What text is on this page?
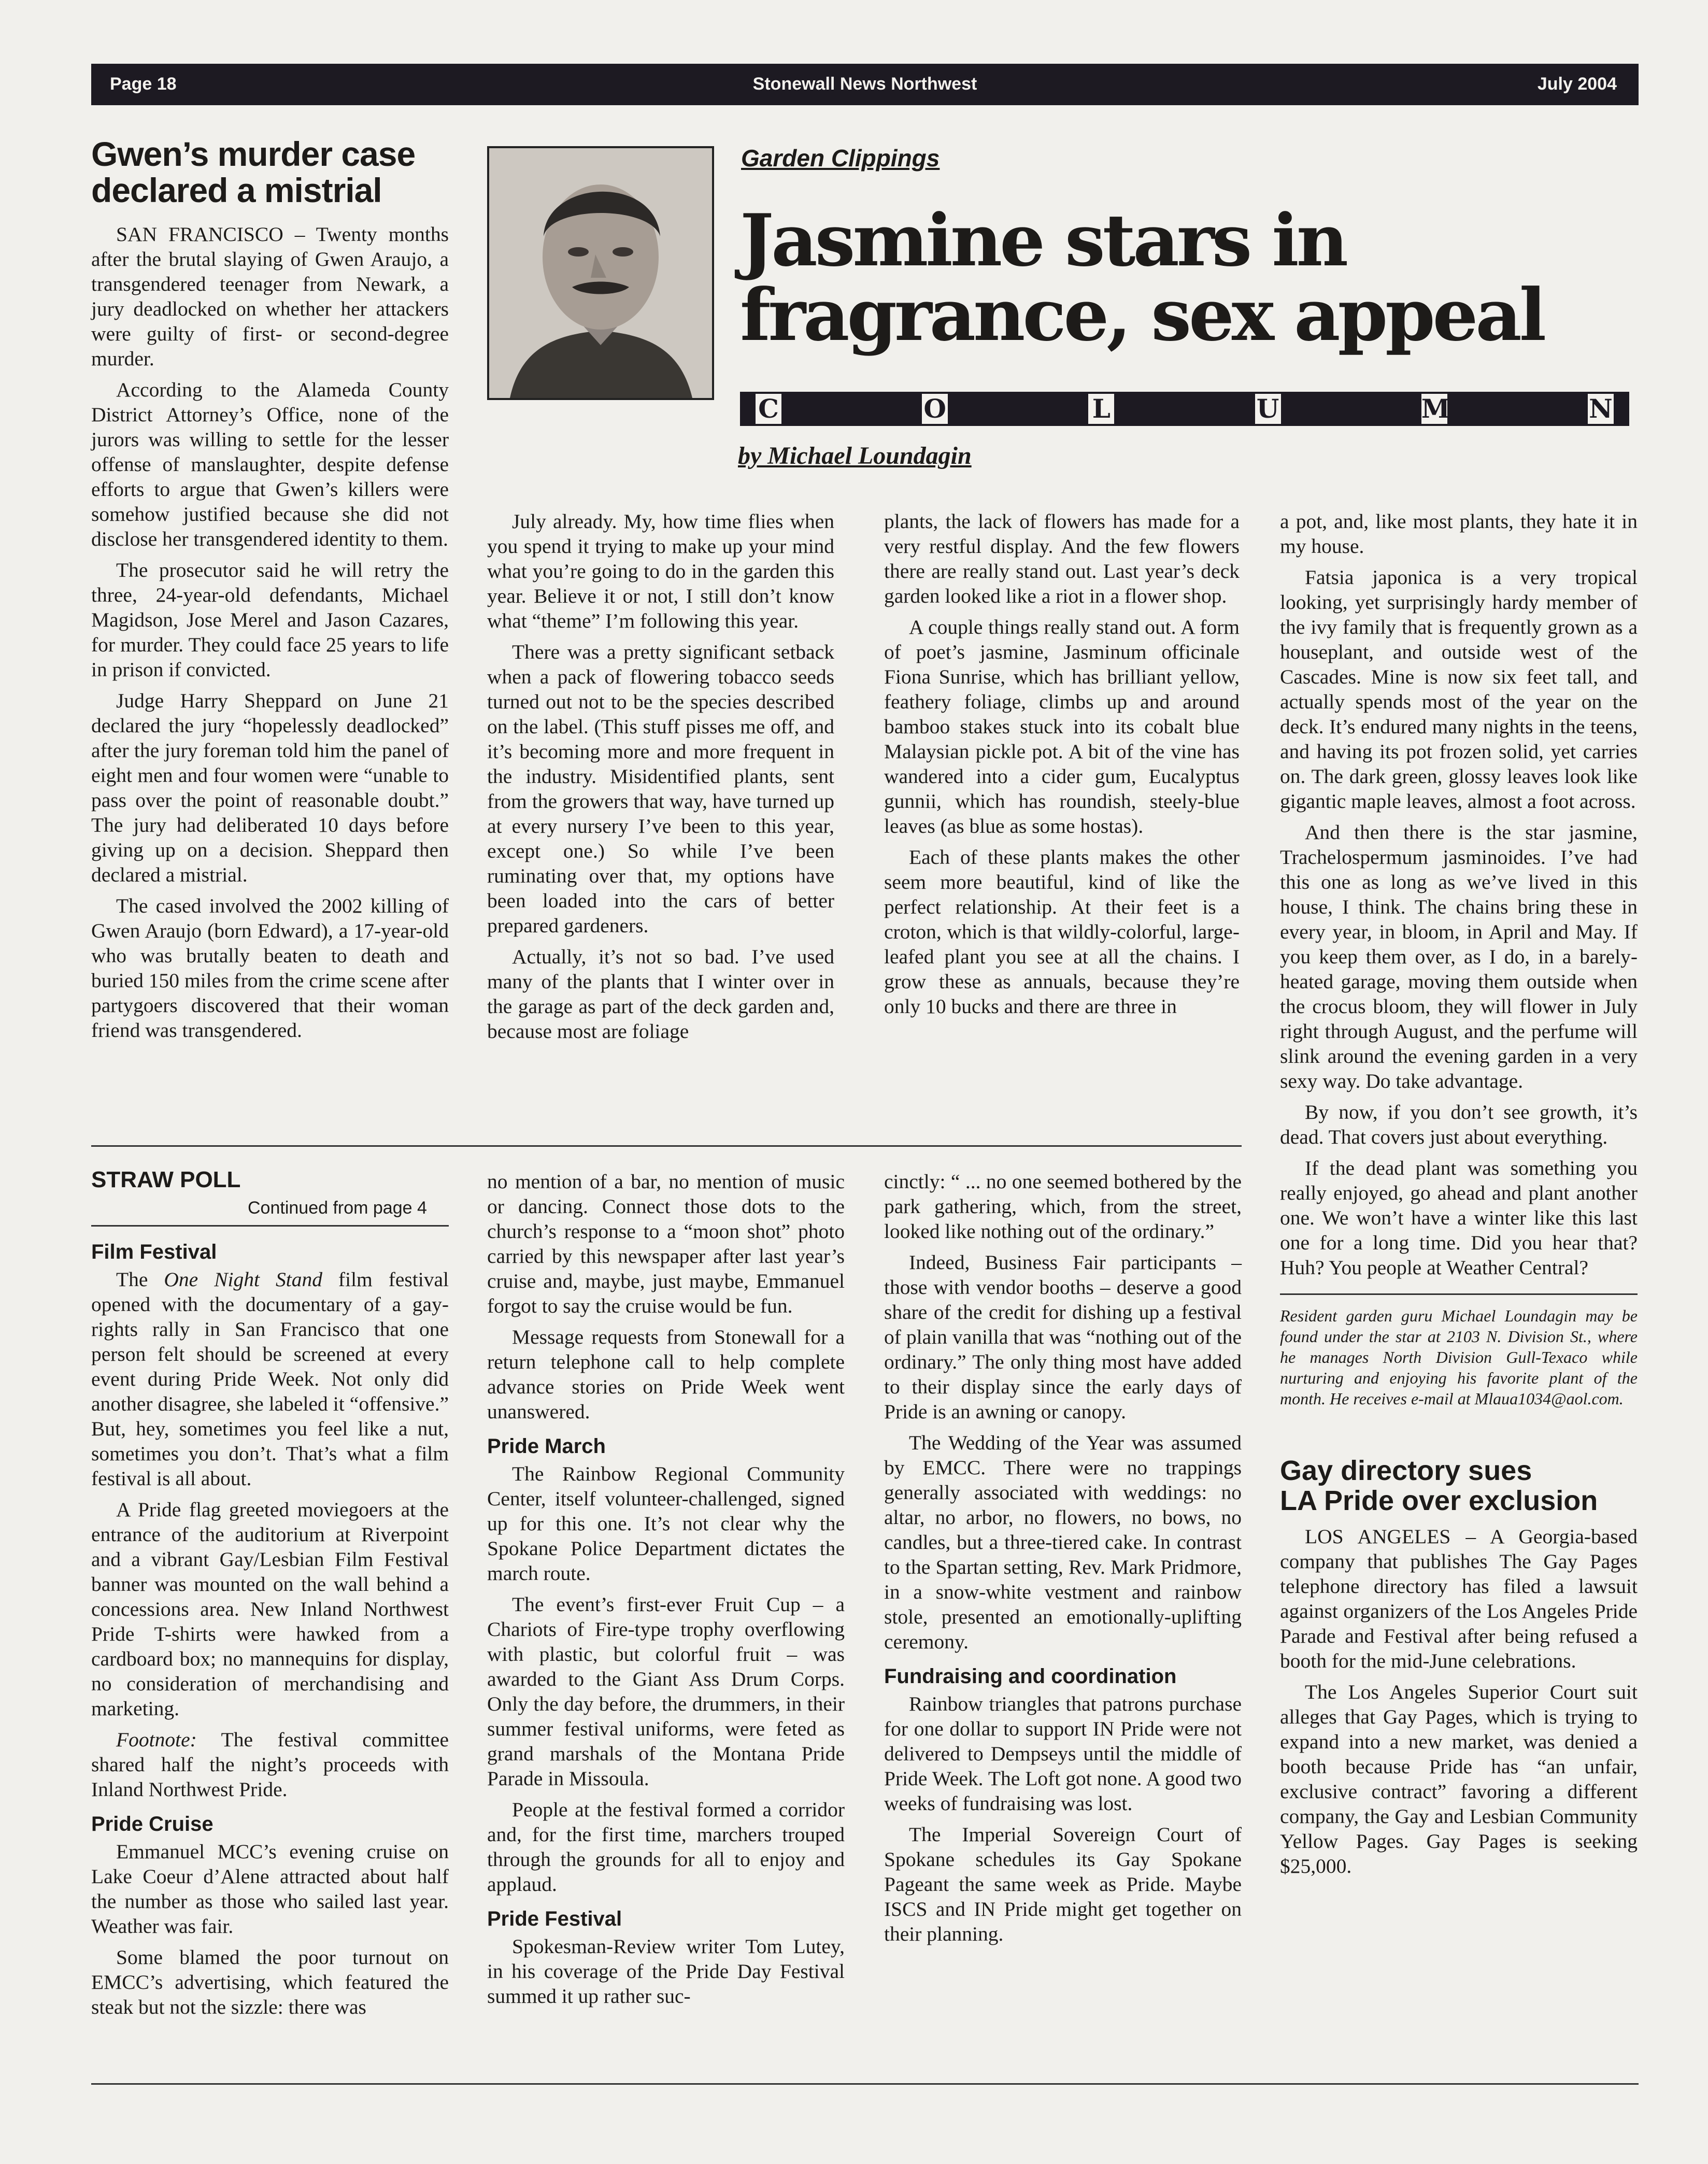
Page 18	Stonewall News Northwest	July 2004
Gwen’s murder case
declared a mistrial

SAN FRANCISCO – Twenty months after the brutal slaying of Gwen Araujo, a transgendered teenager from Newark, a jury deadlocked on whether her attackers were guilty of first- or second-degree murder.

According to the Alameda County District Attorney’s Office, none of the jurors was willing to settle for the lesser offense of manslaughter, despite defense efforts to argue that Gwen’s killers were somehow justified because she did not disclose her transgendered identity to them.

The prosecutor said he will retry the three, 24-year-old defendants, Michael Magidson, Jose Merel and Jason Cazares, for murder. They could face 25 years to life in prison if convicted.

Judge Harry Sheppard on June 21 declared the jury “hopelessly deadlocked” after the jury foreman told him the panel of eight men and four women were “unable to pass over the point of reasonable doubt.” The jury had deliberated 10 days before giving up on a decision. Sheppard then declared a mistrial.

The cased involved the 2002 killing of Gwen Araujo (born Edward), a 17-year-old who was brutally beaten to death and buried 150 miles from the crime scene after partygoers discovered that their woman friend was transgendered.

Garden Clippings
Jasmine stars in
fragrance, sex appeal
C	O	L	U	M	N
by Michael Loundagin

July already. My, how time flies when you spend it trying to make up your mind what you’re going to do in the garden this year. Believe it or not, I still don’t know what “theme” I’m following this year.

There was a pretty significant setback when a pack of flowering tobacco seeds turned out not to be the species described on the label. (This stuff pisses me off, and it’s becoming more and more frequent in the industry. Misidentified plants, sent from the growers that way, have turned up at every nursery I’ve been to this year, except one.) So while I’ve been ruminating over that, my options have been loaded into the cars of better prepared gardeners.

Actually, it’s not so bad. I’ve used many of the plants that I winter over in the garage as part of the deck garden and, because most are foliage

plants, the lack of flowers has made for a very restful display. And the few flowers there are really stand out. Last year’s deck garden looked like a riot in a flower shop.

A couple things really stand out. A form of poet’s jasmine, Jasminum officinale Fiona Sunrise, which has brilliant yellow, feathery foliage, climbs up and around bamboo stakes stuck into its cobalt blue Malaysian pickle pot. A bit of the vine has wandered into a cider gum, Eucalyptus gunnii, which has roundish, steely-blue leaves (as blue as some hostas).

Each of these plants makes the other seem more beautiful, kind of like the perfect relationship. At their feet is a croton, which is that wildly-colorful, large-leafed plant you see at all the chains. I grow these as annuals, because they’re only 10 bucks and there are three in

a pot, and, like most plants, they hate it in my house.

Fatsia japonica is a very tropical looking, yet surprisingly hardy member of the ivy family that is frequently grown as a houseplant, and outside west of the Cascades. Mine is now six feet tall, and actually spends most of the year on the deck. It’s endured many nights in the teens, and having its pot frozen solid, yet carries on. The dark green, glossy leaves look like gigantic maple leaves, almost a foot across.

And then there is the star jasmine, Trachelospermum jasminoides. I’ve had this one as long as we’ve lived in this house, I think. The chains bring these in every year, in bloom, in April and May. If you keep them over, as I do, in a barely-heated garage, moving them outside when the crocus bloom, they will flower in July right through August, and the perfume will slink around the evening garden in a very sexy way. Do take advantage.

By now, if you don’t see growth, it’s dead. That covers just about everything.

If the dead plant was something you really enjoyed, go ahead and plant another one. We won’t have a winter like this last one for a long time. Did you hear that? Huh? You people at Weather Central?

Resident garden guru Michael Loundagin may be found under the star at 2103 N. Division St., where he manages North Division Gull-Texaco while nurturing and enjoying his favorite plant of the month. He receives e-mail at Mlaua1034@aol.com.
Gay directory sues
LA Pride over exclusion

LOS ANGELES – A Georgia-based company that publishes The Gay Pages telephone directory has filed a lawsuit against organizers of the Los Angeles Pride Parade and Festival after being refused a booth for the mid-June celebrations.

The Los Angeles Superior Court suit alleges that Gay Pages, which is trying to expand into a new market, was denied a booth because Pride has “an unfair, exclusive contract” favoring a different company, the Gay and Lesbian Community Yellow Pages. Gay Pages is seeking $25,000.

STRAW POLL
Film Festival

The One Night Stand film festival opened with the documentary of a gay-rights rally in San Francisco that one person felt should be screened at every event during Pride Week. Not only did another disagree, she labeled it “offensive.” But, hey, sometimes you feel like a nut, sometimes you don’t. That’s what a film festival is all about.

A Pride flag greeted moviegoers at the entrance of the auditorium at Riverpoint and a vibrant Gay/Lesbian Film Festival banner was mounted on the wall behind a concessions area. New Inland Northwest Pride T-shirts were hawked from a cardboard box; no mannequins for display, no consideration of merchandising and marketing.

Footnote: The festival committee shared half the night’s proceeds with Inland Northwest Pride.

Pride Cruise

Emmanuel MCC’s evening cruise on Lake Coeur d’Alene attracted about half the number as those who sailed last year. Weather was fair.

Some blamed the poor turnout on EMCC’s advertising, which featured the steak but not the sizzle: there was

Continued from page 4

no mention of a bar, no mention of music or dancing. Connect those dots to the church’s response to a “moon shot” photo carried by this newspaper after last year’s cruise and, maybe, just maybe, Emmanuel forgot to say the cruise would be fun.

Message requests from Stonewall for a return telephone call to help complete advance stories on Pride Week went unanswered.

Pride March

The Rainbow Regional Community Center, itself volunteer-challenged, signed up for this one. It’s not clear why the Spokane Police Department dictates the march route.

The event’s first-ever Fruit Cup – a Chariots of Fire-type trophy overflowing with plastic, but colorful fruit – was awarded to the Giant Ass Drum Corps. Only the day before, the drummers, in their summer festival uniforms, were feted as grand marshals of the Montana Pride Parade in Missoula.

People at the festival formed a corridor and, for the first time, marchers trouped through the grounds for all to enjoy and applaud.

Pride Festival

Spokesman-Review writer Tom Lutey, in his coverage of the Pride Day Festival summed it up rather suc-

cinctly: “ ... no one seemed bothered by the park gathering, which, from the street, looked like nothing out of the ordinary.”

Indeed, Business Fair participants – those with vendor booths – deserve a good share of the credit for dishing up a festival of plain vanilla that was “nothing out of the ordinary.” The only thing most have added to their display since the early days of Pride is an awning or canopy.

The Wedding of the Year was assumed by EMCC. There were no trappings generally associated with weddings: no altar, no arbor, no flowers, no bows, no candles, but a three-tiered cake. In contrast to the Spartan setting, Rev. Mark Pridmore, in a snow-white vestment and rainbow stole, presented an emotionally-uplifting ceremony.

Fundraising and coordination

Rainbow triangles that patrons purchase for one dollar to support IN Pride were not delivered to Dempseys until the middle of Pride Week. The Loft got none. A good two weeks of fundraising was lost.

The Imperial Sovereign Court of Spokane schedules its Gay Spokane Pageant the same week as Pride. Maybe ISCS and IN Pride might get together on their planning.
